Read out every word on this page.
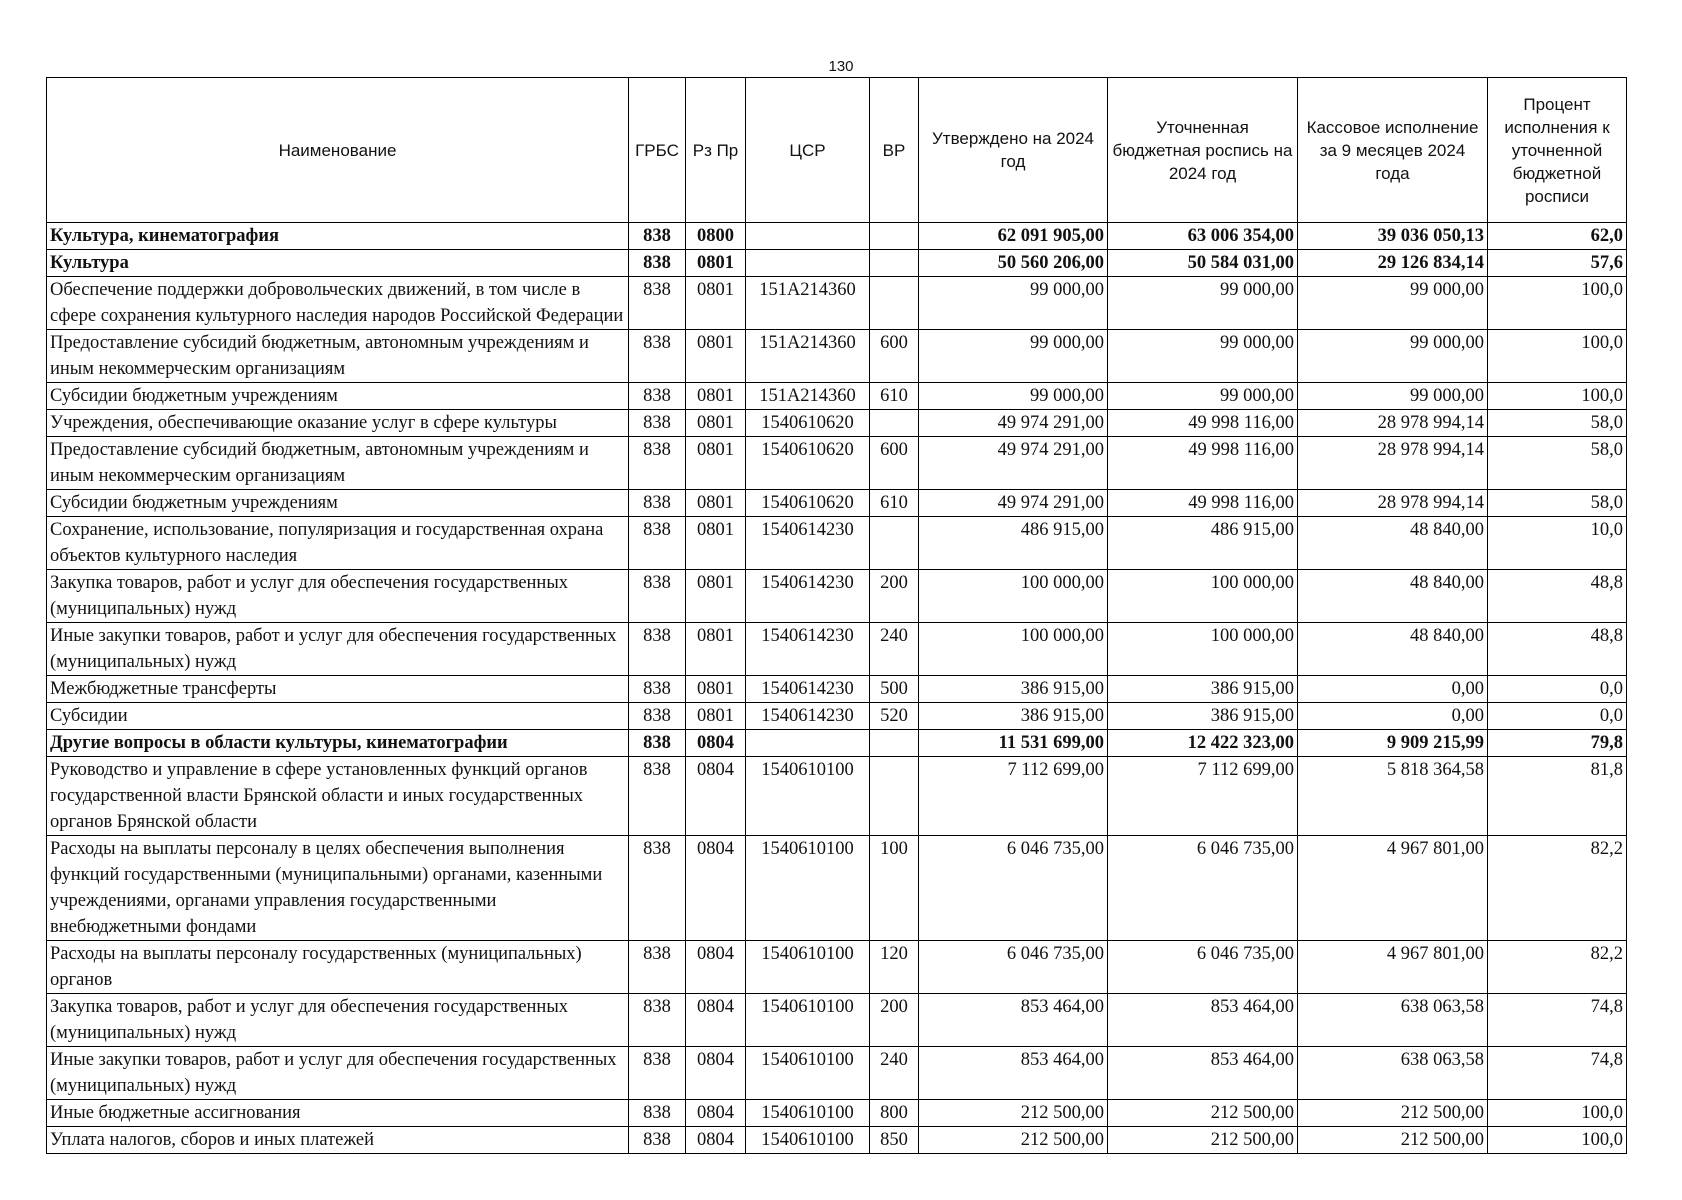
130
Наименование	ГРБС	Рз Пр	ЦСР	ВР	Утверждено на 2024 год	Уточненная бюджетная роспись на 2024 год	Кассовое исполнение за 9 месяцев 2024 года	Процент исполнения к уточненной бюджетной росписи
Культура, кинематография	838	0800			62 091 905,00	63 006 354,00	39 036 050,13	62,0
Культура	838	0801			50 560 206,00	50 584 031,00	29 126 834,14	57,6
Обеспечение поддержки добровольческих движений, в том числе в сфере сохранения культурного наследия народов Российской Федерации	838	0801	151А214360		99 000,00	99 000,00	99 000,00	100,0
Предоставление субсидий бюджетным, автономным учреждениям и иным некоммерческим организациям	838	0801	151А214360	600	99 000,00	99 000,00	99 000,00	100,0
Субсидии бюджетным учреждениям	838	0801	151А214360	610	99 000,00	99 000,00	99 000,00	100,0
Учреждения, обеспечивающие оказание услуг в сфере культуры	838	0801	1540610620		49 974 291,00	49 998 116,00	28 978 994,14	58,0
Предоставление субсидий бюджетным, автономным учреждениям и иным некоммерческим организациям	838	0801	1540610620	600	49 974 291,00	49 998 116,00	28 978 994,14	58,0
Субсидии бюджетным учреждениям	838	0801	1540610620	610	49 974 291,00	49 998 116,00	28 978 994,14	58,0
Сохранение, использование, популяризация и государственная охрана объектов культурного наследия	838	0801	1540614230		486 915,00	486 915,00	48 840,00	10,0
Закупка товаров, работ и услуг для обеспечения государственных (муниципальных) нужд	838	0801	1540614230	200	100 000,00	100 000,00	48 840,00	48,8
Иные закупки товаров, работ и услуг для обеспечения государственных (муниципальных) нужд	838	0801	1540614230	240	100 000,00	100 000,00	48 840,00	48,8
Межбюджетные трансферты	838	0801	1540614230	500	386 915,00	386 915,00	0,00	0,0
Субсидии	838	0801	1540614230	520	386 915,00	386 915,00	0,00	0,0
Другие вопросы в области культуры, кинематографии	838	0804			11 531 699,00	12 422 323,00	9 909 215,99	79,8
Руководство и управление в сфере установленных функций органов государственной власти Брянской области и иных государственных органов Брянской области	838	0804	1540610100		7 112 699,00	7 112 699,00	5 818 364,58	81,8
Расходы на выплаты персоналу в целях обеспечения выполнения функций государственными (муниципальными) органами, казенными учреждениями, органами управления государственными внебюджетными фондами	838	0804	1540610100	100	6 046 735,00	6 046 735,00	4 967 801,00	82,2
Расходы на выплаты персоналу государственных (муниципальных) органов	838	0804	1540610100	120	6 046 735,00	6 046 735,00	4 967 801,00	82,2
Закупка товаров, работ и услуг для обеспечения государственных (муниципальных) нужд	838	0804	1540610100	200	853 464,00	853 464,00	638 063,58	74,8
Иные закупки товаров, работ и услуг для обеспечения государственных (муниципальных) нужд	838	0804	1540610100	240	853 464,00	853 464,00	638 063,58	74,8
Иные бюджетные ассигнования	838	0804	1540610100	800	212 500,00	212 500,00	212 500,00	100,0
Уплата налогов, сборов и иных платежей	838	0804	1540610100	850	212 500,00	212 500,00	212 500,00	100,0
